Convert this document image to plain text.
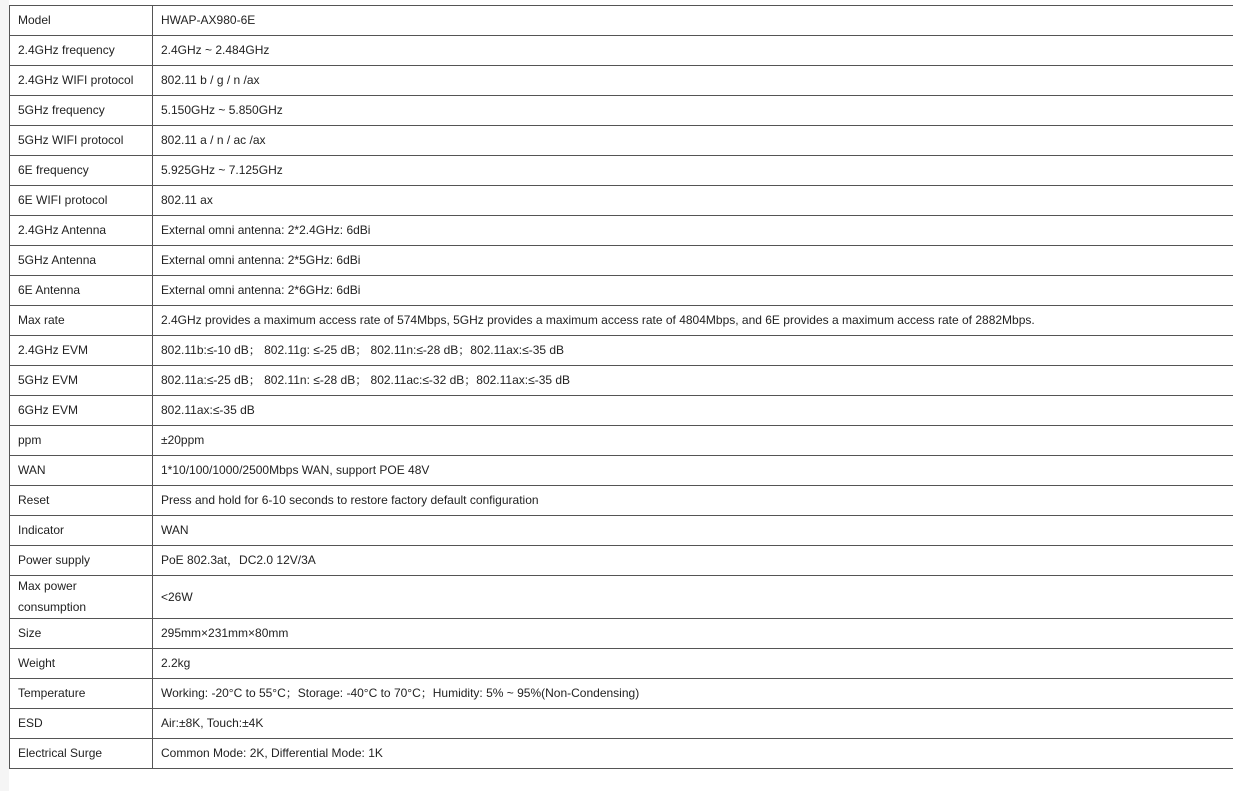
Model	HWAP-AX980-6E
2.4GHz frequency	2.4GHz ~ 2.484GHz
2.4GHz WIFI protocol	802.11 b / g / n /ax
5GHz frequency	5.150GHz ~ 5.850GHz
5GHz WIFI protocol	802.11 a / n / ac /ax
6E frequency	5.925GHz ~ 7.125GHz
6E WIFI protocol	802.11 ax
2.4GHz Antenna	External omni antenna: 2*2.4GHz: 6dBi
5GHz Antenna	External omni antenna: 2*5GHz: 6dBi
6E Antenna	External omni antenna: 2*6GHz: 6dBi
Max rate	2.4GHz provides a maximum access rate of 574Mbps, 5GHz provides a maximum access rate of 4804Mbps, and 6E provides a maximum access rate of 2882Mbps.
2.4GHz EVM	802.11b:≤-10 dB； 802.11g: ≤-25 dB； 802.11n:≤-28 dB；802.11ax:≤-35 dB
5GHz EVM	802.11a:≤-25 dB； 802.11n: ≤-28 dB； 802.11ac:≤-32 dB；802.11ax:≤-35 dB
6GHz EVM	802.11ax:≤-35 dB
ppm	±20ppm
WAN	1*10/100/1000/2500Mbps WAN, support POE 48V
Reset	Press and hold for 6-10 seconds to restore factory default configuration
Indicator	WAN
Power supply	PoE 802.3at，DC2.0 12V/3A
Max power consumption	<26W
Size	295mm×231mm×80mm
Weight	2.2kg
Temperature	Working: -20°C to 55°C；Storage: -40°C to 70°C；Humidity: 5% ~ 95%(Non-Condensing)
ESD	Air:±8K, Touch:±4K
Electrical Surge	Common Mode: 2K, Differential Mode: 1K
